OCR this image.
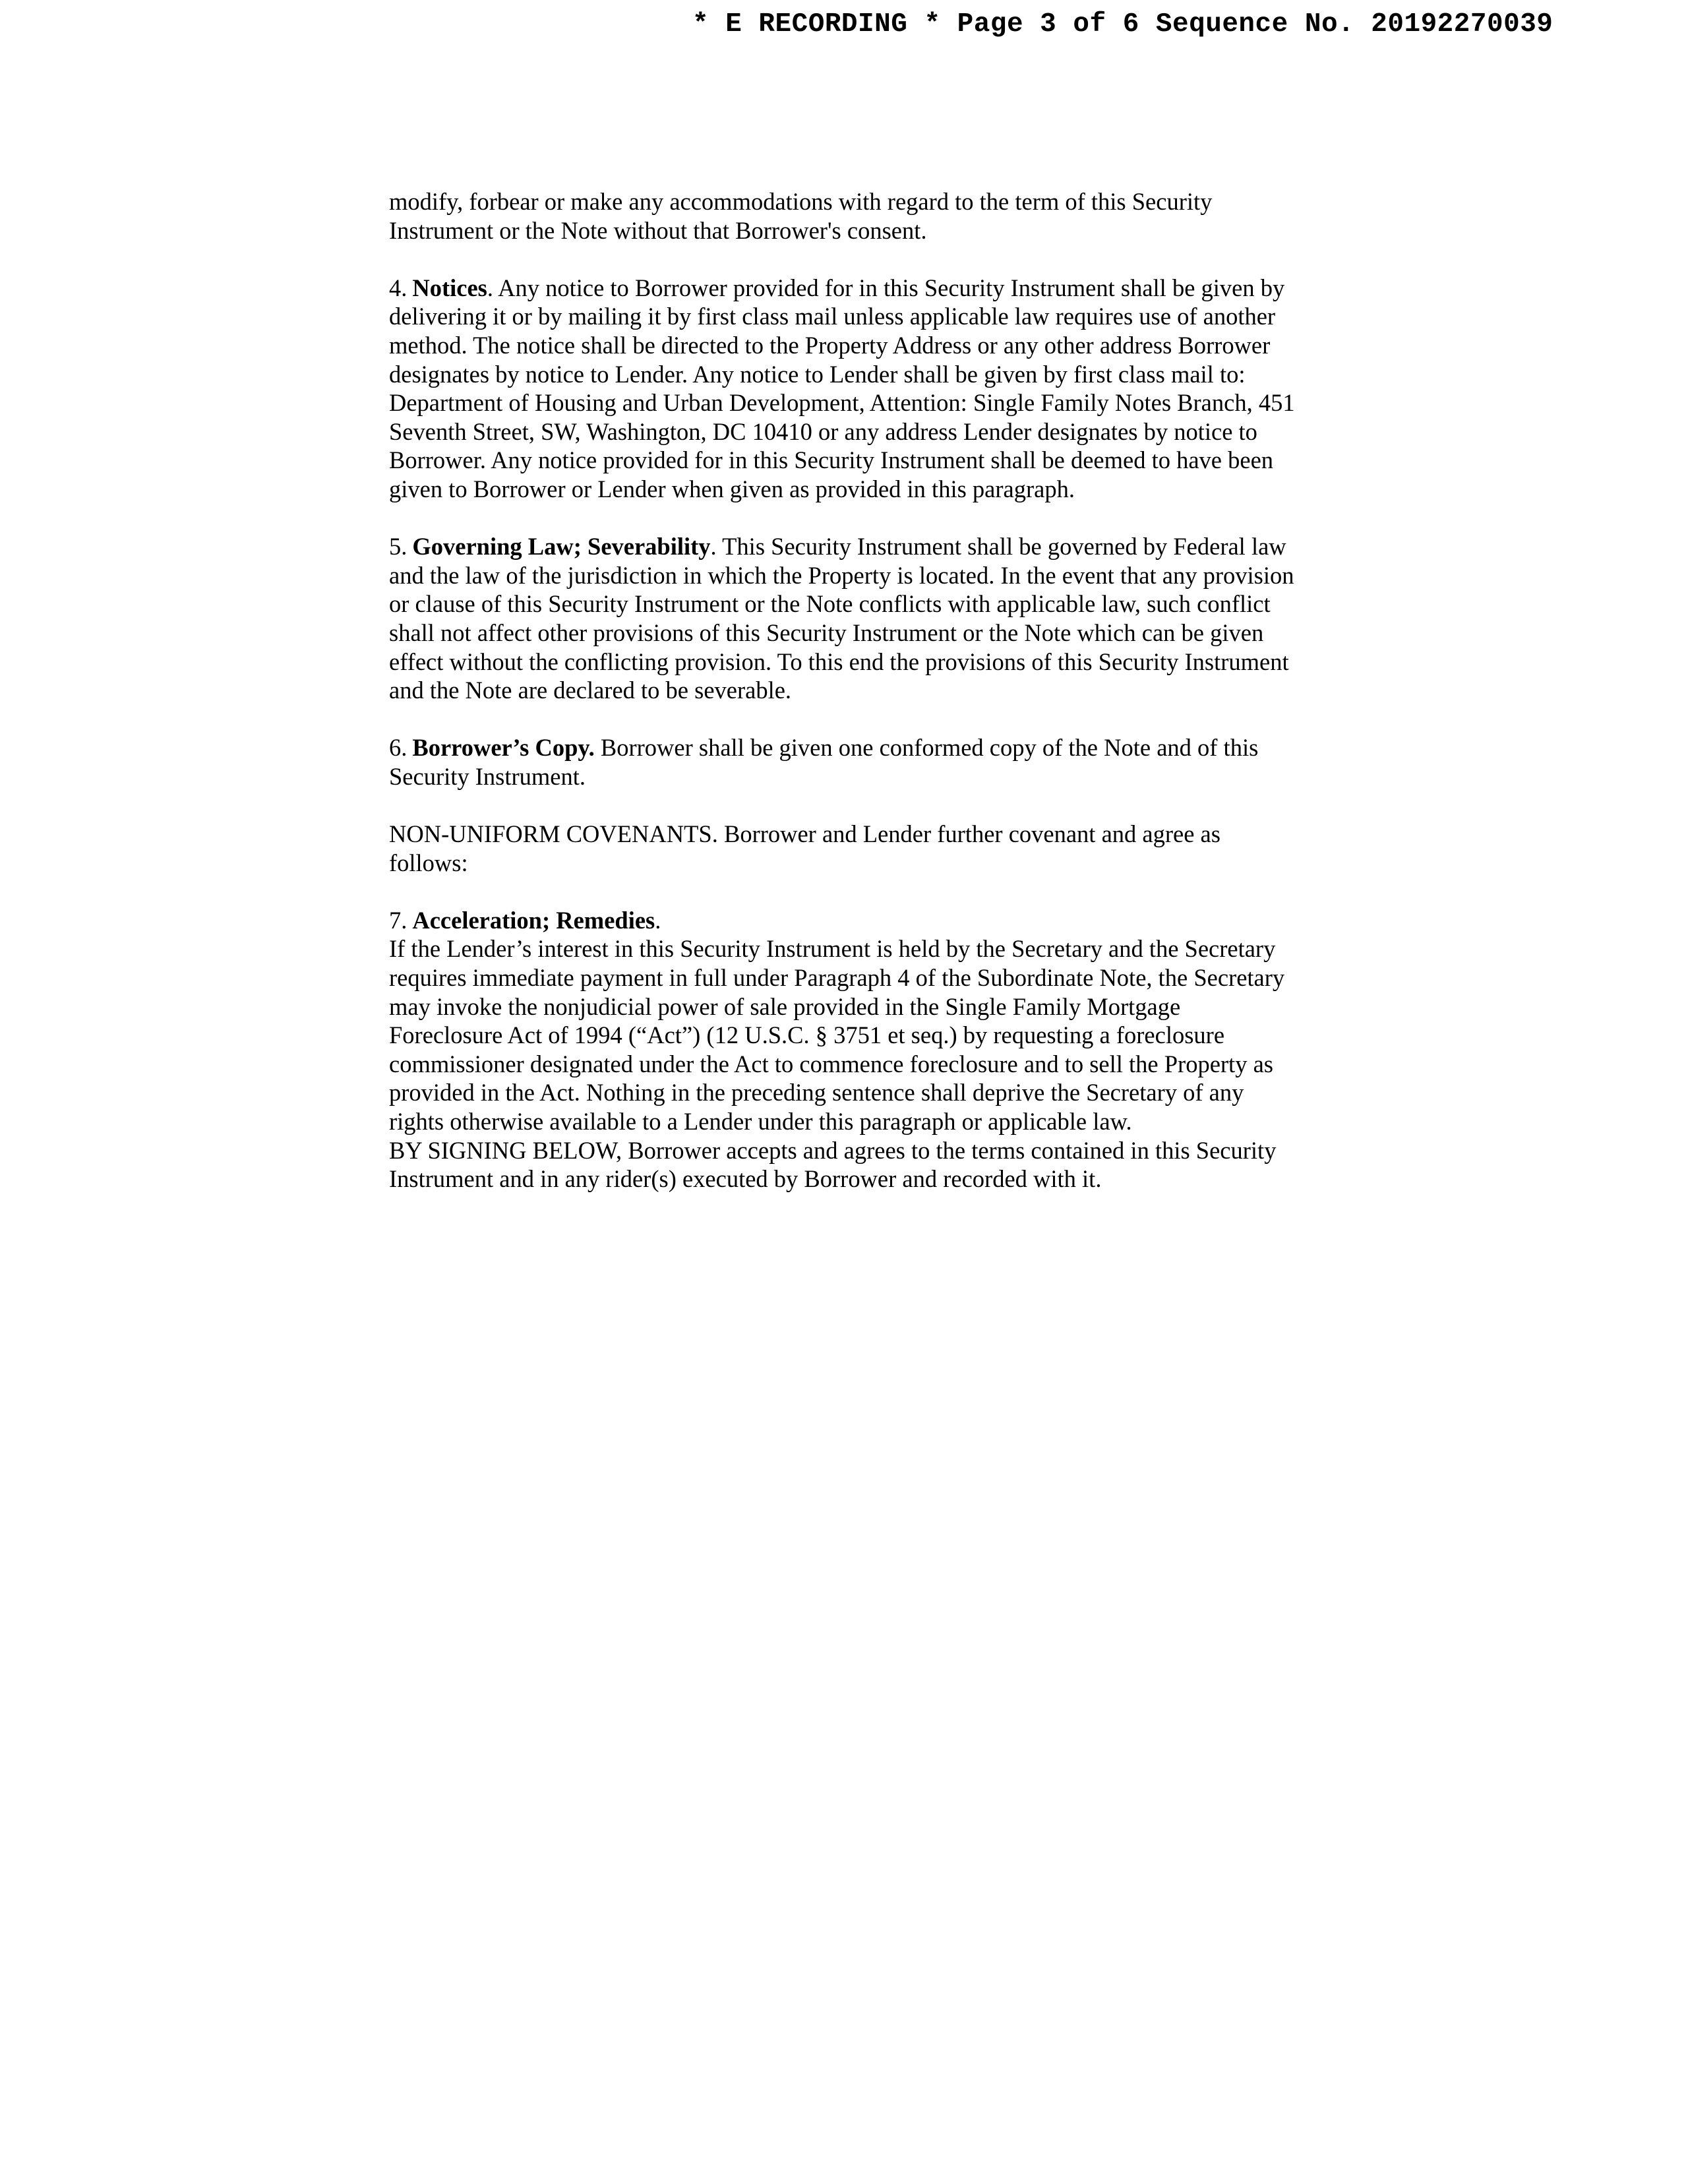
* E RECORDING * Page 3 of 6 Sequence No. 20192270039

modify, forbear or make any accommodations with regard to the term of this Security Instrument or the Note without that Borrower's consent.

4. Notices. Any notice to Borrower provided for in this Security Instrument shall be given by delivering it or by mailing it by first class mail unless applicable law requires use of another method. The notice shall be directed to the Property Address or any other address Borrower designates by notice to Lender. Any notice to Lender shall be given by first class mail to: Department of Housing and Urban Development, Attention: Single Family Notes Branch, 451 Seventh Street, SW, Washington, DC 10410 or any address Lender designates by notice to Borrower. Any notice provided for in this Security Instrument shall be deemed to have been given to Borrower or Lender when given as provided in this paragraph.

5. Governing Law; Severability. This Security Instrument shall be governed by Federal law and the law of the jurisdiction in which the Property is located. In the event that any provision or clause of this Security Instrument or the Note conflicts with applicable law, such conflict shall not affect other provisions of this Security Instrument or the Note which can be given effect without the conflicting provision. To this end the provisions of this Security Instrument and the Note are declared to be severable.

6. Borrower’s Copy. Borrower shall be given one conformed copy of the Note and of this Security Instrument.

NON-UNIFORM COVENANTS. Borrower and Lender further covenant and agree as follows:

7. Acceleration; Remedies.

If the Lender’s interest in this Security Instrument is held by the Secretary and the Secretary requires immediate payment in full under Paragraph 4 of the Subordinate Note, the Secretary may invoke the nonjudicial power of sale provided in the Single Family Mortgage Foreclosure Act of 1994 (“Act”) (12 U.S.C. § 3751 et seq.) by requesting a foreclosure commissioner designated under the Act to commence foreclosure and to sell the Property as provided in the Act. Nothing in the preceding sentence shall deprive the Secretary of any rights otherwise available to a Lender under this paragraph or applicable law.

BY SIGNING BELOW, Borrower accepts and agrees to the terms contained in this Security Instrument and in any rider(s) executed by Borrower and recorded with it.
